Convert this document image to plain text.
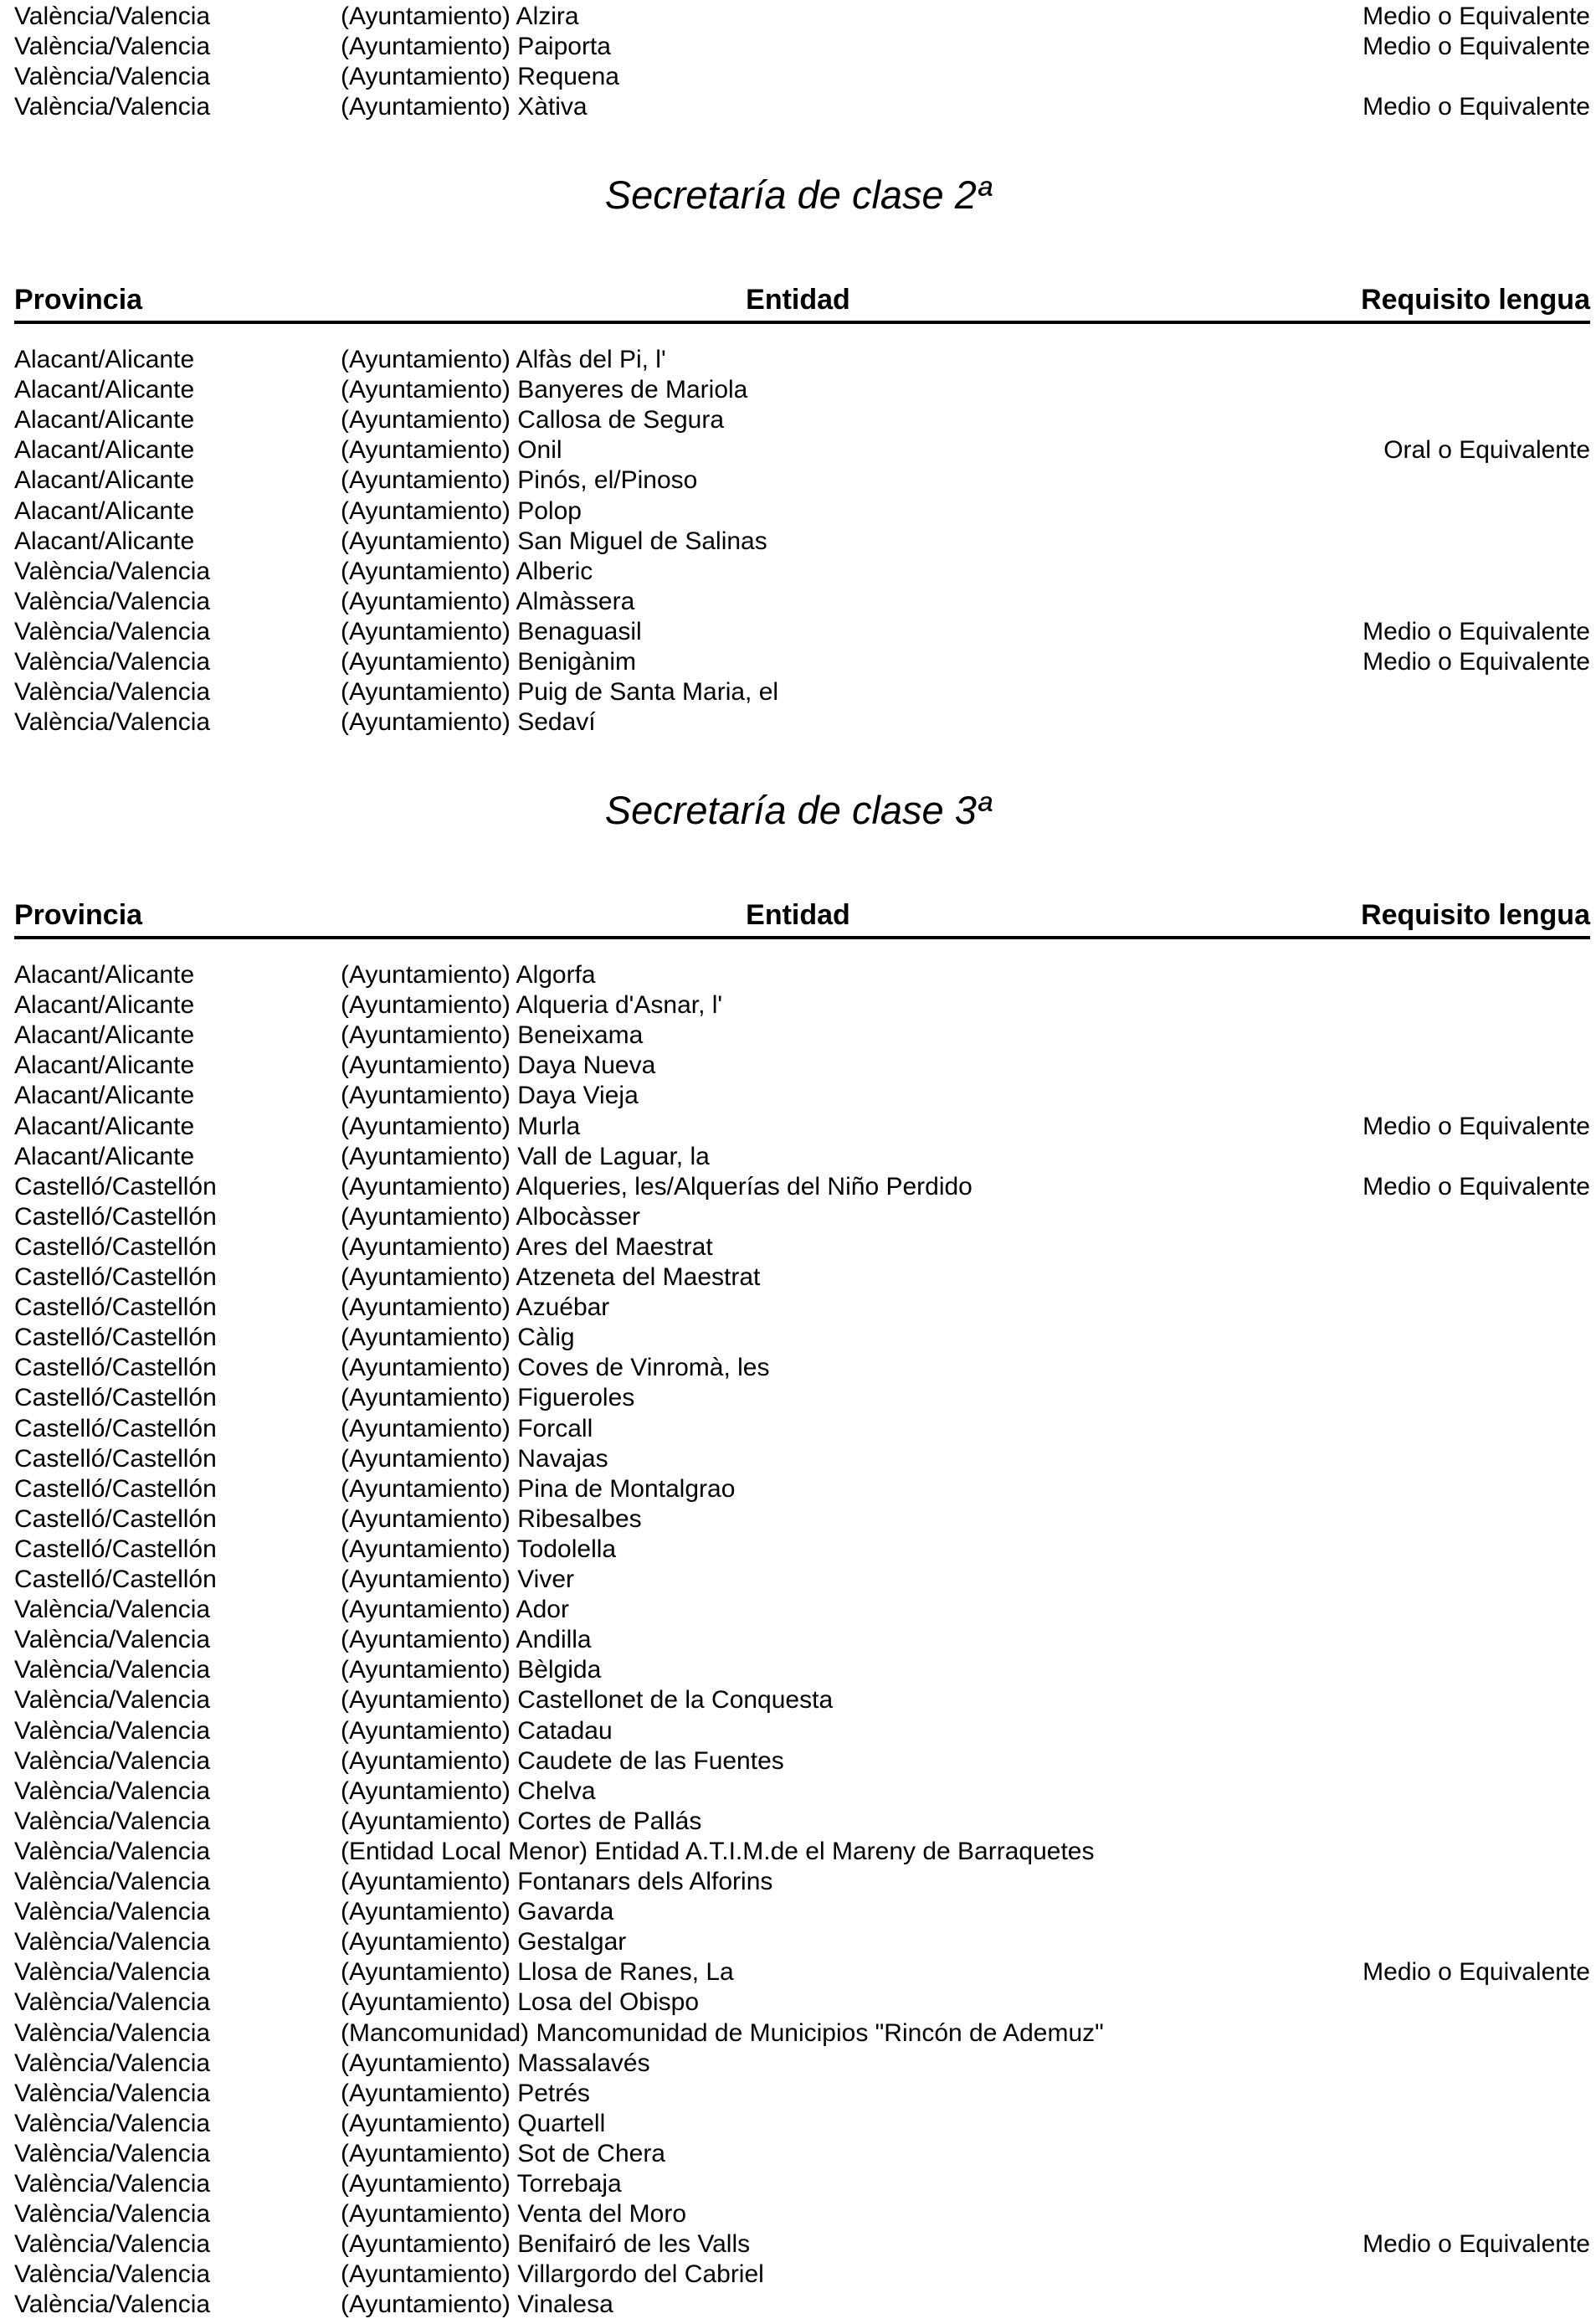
València/Valencia	(Ayuntamiento) Alzira	Medio o Equivalente
València/Valencia	(Ayuntamiento) Paiporta	Medio o Equivalente
València/Valencia	(Ayuntamiento) Requena
València/Valencia	(Ayuntamiento) Xàtiva	Medio o Equivalente
Secretaría de clase 2ª
Provincia	Entidad	Requisito lengua
Alacant/Alicante	(Ayuntamiento) Alfàs del Pi, l'
Alacant/Alicante	(Ayuntamiento) Banyeres de Mariola
Alacant/Alicante	(Ayuntamiento) Callosa de Segura
Alacant/Alicante	(Ayuntamiento) Onil	Oral o Equivalente
Alacant/Alicante	(Ayuntamiento) Pinós, el/Pinoso
Alacant/Alicante	(Ayuntamiento) Polop
Alacant/Alicante	(Ayuntamiento) San Miguel de Salinas
València/Valencia	(Ayuntamiento) Alberic
València/Valencia	(Ayuntamiento) Almàssera
València/Valencia	(Ayuntamiento) Benaguasil	Medio o Equivalente
València/Valencia	(Ayuntamiento) Benigànim	Medio o Equivalente
València/Valencia	(Ayuntamiento) Puig de Santa Maria, el
València/Valencia	(Ayuntamiento) Sedaví
Secretaría de clase 3ª
Provincia	Entidad	Requisito lengua
Alacant/Alicante	(Ayuntamiento) Algorfa
Alacant/Alicante	(Ayuntamiento) Alqueria d'Asnar, l'
Alacant/Alicante	(Ayuntamiento) Beneixama
Alacant/Alicante	(Ayuntamiento) Daya Nueva
Alacant/Alicante	(Ayuntamiento) Daya Vieja
Alacant/Alicante	(Ayuntamiento) Murla	Medio o Equivalente
Alacant/Alicante	(Ayuntamiento) Vall de Laguar, la
Castelló/Castellón	(Ayuntamiento) Alqueries, les/Alquerías del Niño Perdido	Medio o Equivalente
Castelló/Castellón	(Ayuntamiento) Albocàsser
Castelló/Castellón	(Ayuntamiento) Ares del Maestrat
Castelló/Castellón	(Ayuntamiento) Atzeneta del Maestrat
Castelló/Castellón	(Ayuntamiento) Azuébar
Castelló/Castellón	(Ayuntamiento) Càlig
Castelló/Castellón	(Ayuntamiento) Coves de Vinromà, les
Castelló/Castellón	(Ayuntamiento) Figueroles
Castelló/Castellón	(Ayuntamiento) Forcall
Castelló/Castellón	(Ayuntamiento) Navajas
Castelló/Castellón	(Ayuntamiento) Pina de Montalgrao
Castelló/Castellón	(Ayuntamiento) Ribesalbes
Castelló/Castellón	(Ayuntamiento) Todolella
Castelló/Castellón	(Ayuntamiento) Viver
València/Valencia	(Ayuntamiento) Ador
València/Valencia	(Ayuntamiento) Andilla
València/Valencia	(Ayuntamiento) Bèlgida
València/Valencia	(Ayuntamiento) Castellonet de la Conquesta
València/Valencia	(Ayuntamiento) Catadau
València/Valencia	(Ayuntamiento) Caudete de las Fuentes
València/Valencia	(Ayuntamiento) Chelva
València/Valencia	(Ayuntamiento) Cortes de Pallás
València/Valencia	(Entidad Local Menor) Entidad A.T.I.M.de el Mareny de Barraquetes
València/Valencia	(Ayuntamiento) Fontanars dels Alforins
València/Valencia	(Ayuntamiento) Gavarda
València/Valencia	(Ayuntamiento) Gestalgar
València/Valencia	(Ayuntamiento) Llosa de Ranes, La	Medio o Equivalente
València/Valencia	(Ayuntamiento) Losa del Obispo
València/Valencia	(Mancomunidad) Mancomunidad de Municipios "Rincón de Ademuz"
València/Valencia	(Ayuntamiento) Massalavés
València/Valencia	(Ayuntamiento) Petrés
València/Valencia	(Ayuntamiento) Quartell
València/Valencia	(Ayuntamiento) Sot de Chera
València/Valencia	(Ayuntamiento) Torrebaja
València/Valencia	(Ayuntamiento) Venta del Moro
València/Valencia	(Ayuntamiento) Benifairó de les Valls	Medio o Equivalente
València/Valencia	(Ayuntamiento) Villargordo del Cabriel
València/Valencia	(Ayuntamiento) Vinalesa
